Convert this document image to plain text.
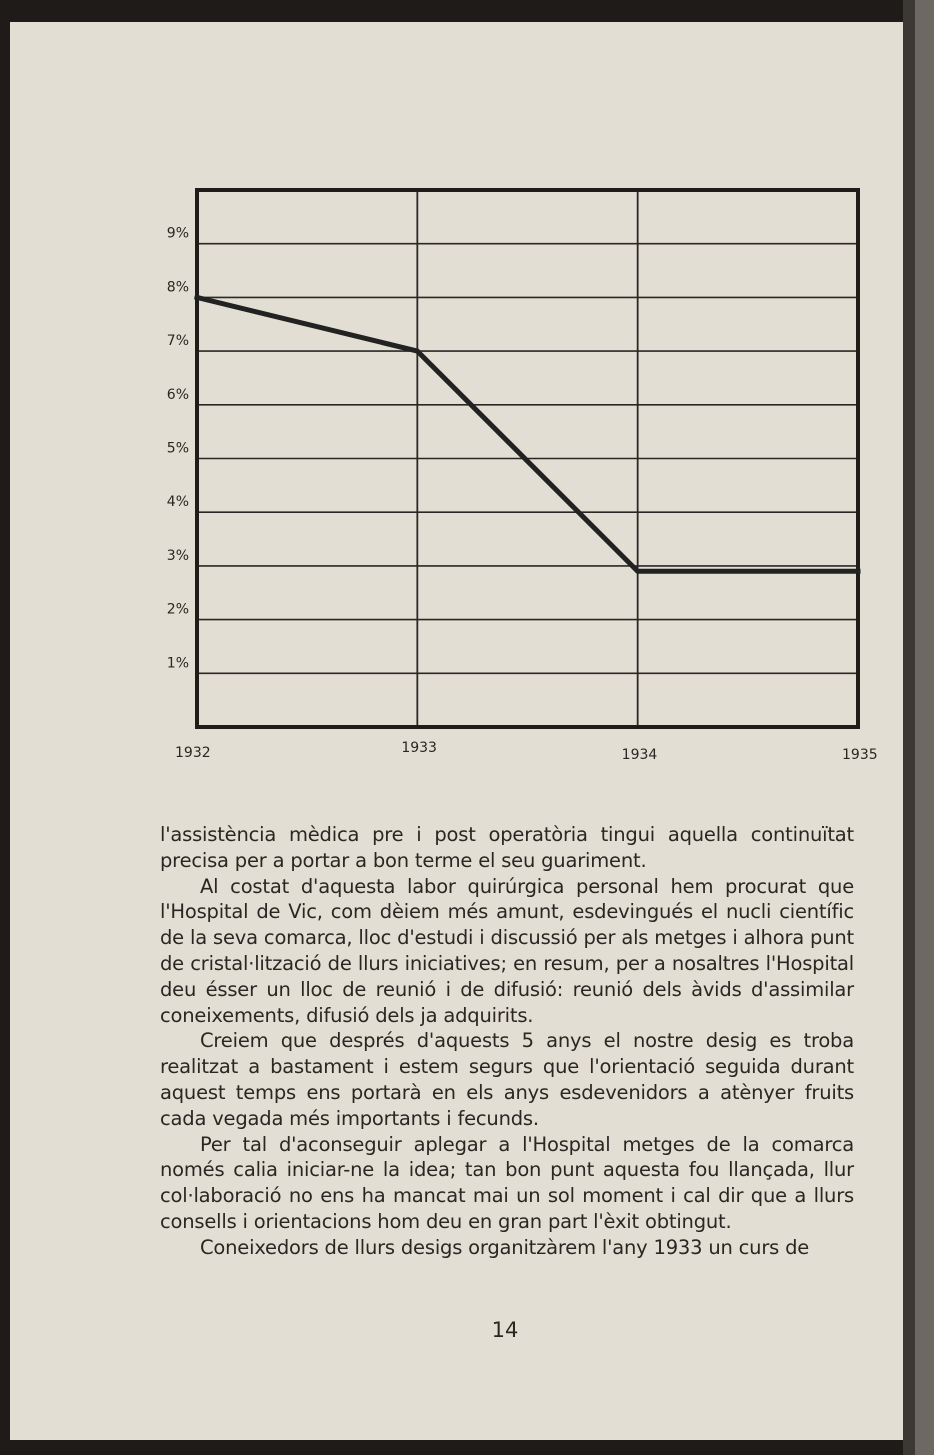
1%
2%
3%
4%
5%
6%
7%
8%
9%
1932	1933	1934	1935

l'assistència mèdica pre i post operatòria tingui aquella continuïtat precisa per a portar a bon terme el seu guariment.

Al costat d'aquesta labor quirúrgica personal hem procurat que l'Hospital de Vic, com dèiem més amunt, esdevingués el nucli científic de la seva comarca, lloc d'estudi i discussió per als metges i alhora punt de cristal·lització de llurs iniciatives; en resum, per a nosaltres l'Hospital deu ésser un lloc de reunió i de difusió: reunió dels àvids d'assimilar coneixements, difusió dels ja adquirits.

Creiem que després d'aquests 5 anys el nostre desig es troba realitzat a bastament i estem segurs que l'orientació seguida durant aquest temps ens portarà en els anys esdevenidors a atènyer fruits cada vegada més importants i fecunds.

Per tal d'aconseguir aplegar a l'Hospital metges de la comarca només calia iniciar-ne la idea; tan bon punt aquesta fou llançada, llur col·laboració no ens ha mancat mai un sol moment i cal dir que a llurs consells i orientacions hom deu en gran part l'èxit obtingut.

Coneixedors de llurs desigs organitzàrem l'any 1933 un curs de

14
